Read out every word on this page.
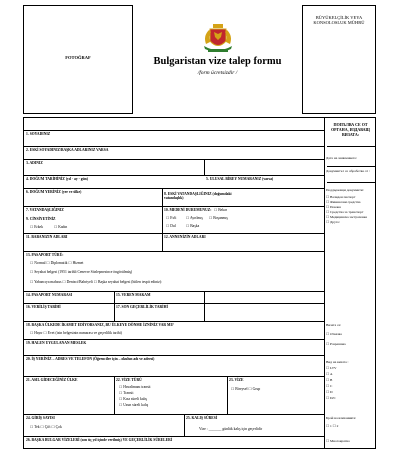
FOTOĞRAF	Bulgaristan vize talep formu
/form ücretsizdir /
BÜYÜKELÇİLİK VEYA KONSOLOSLUK MÜHRÜ
1. SOYADINIZ
2. ESKİ SOYADINIZ/BAŞKA ADLARINIZ VARSA
3. ADINIZ
4. DOĞUM TARİHİNİZ (yıl - ay - gün)	5. ULUSAL BİREY NUMARANIZ (varsa)
6. DOĞUM YERİNİZ (yer ve ülke)
7. VATANDAŞLIĞINIZ
8. ESKİ VATANDAŞLIĞINIZ (doğumdaki vatandaşlık)
9. CİNSİYETİNİZ
☐ Erkek	☐ Kadın
10. MEDENİ DURUMUNUZ: ☐ Bekar
☐ Evli	☐ Ayrılmış ☐ Boşanmış
☐ Dul	☐ Başka
11. BABANIZIN ADLARI	12. ANNENİZİN ADLARI
13. PASAPORT TÜRÜ:
☐ Normal ☐ Diplomatik ☐ Hizmet
☐ Seyahat belgesi (1951 tarihli Cenevre Sözleşmesince öngörülmüş)
☐ Yabancıya mahsus ☐ Denizci/Bahriyeli ☐ Başka seyahat belgesi (hitlen tespit ediniz):
14. PASAPORT NUMARASI	15. VEREN MAKAM
16. VERİLİŞ TARİHİ	17. SON GEÇERLİLİK TARİHİ
18. BAŞKA ÜLKEDE İKAMET EDİYORSANIZ, BU ÜLKEYE DÖNME İZNİNİZ VAR MI?
☐ Hayır ☐ Evet (izin belgesinin numarası ve geçerlilik tarihi)
19. HALEN UYGULANAN MESLEK
20. İŞ YERİNİZ – ADRES VE TELEFON (Öğrenciler için – okulun adı ve adresi)
21. ASIL GİDECEĞİNİZ ÜLKE	22. VİZE TÜRÜ
☐ Havalimanı transit
☐ Transit
☐ Kısa süreli kalış
☐ Uzun süreli kalış
23. VİZE
☐ Bireysel ☐ Grup
24. GİRİŞ SAYISI
☐ Tek ☐ Çift ☐ Çok
25. KALIŞ SÜRESİ
Vize : _______ günlük kalış için geçerlidir
26. BAŞKA BULGAR VİZELERİ (son üç yıl içinde verilmiş) VE GEÇERLİLİK SÜRELERİ
ПОПЪЛВА СЕ ОТ ОРГАНА, ИЗДАВАЩ ВИЗАТА:
Дата на заявлението:
Документът се обработва от :
Поддържащи документи:
☐ Валиден паспорт
☐ Финансови средства
☐ Покана
☐ Средства за транспорт
☐ Медицинска застраховка
☐ Друго:
Визата се:
☐ Отказва
☐ Разрешава
Вид на визата :
☐ LTV
☐ А
☐ В
☐ С
☐ D
☐ D/C
Брой на влизанията:
☐ 1 ☐ 2
☐ Многократно
